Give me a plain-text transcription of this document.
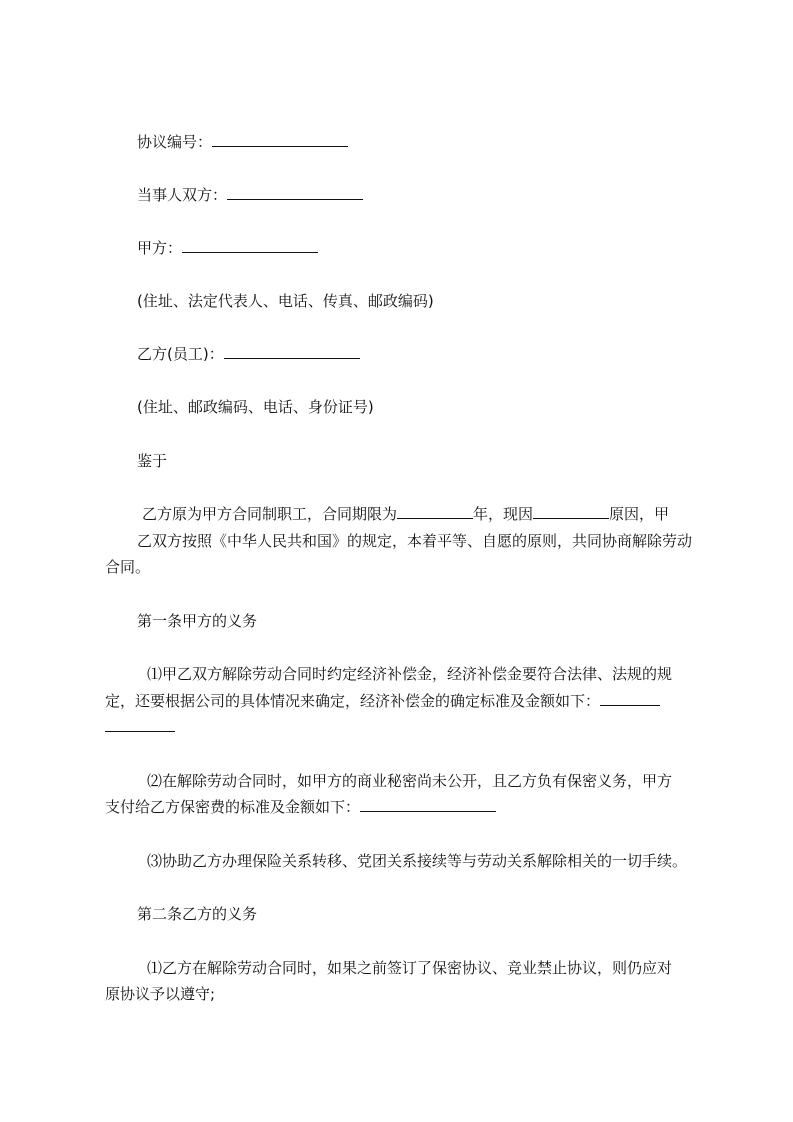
协议编号：
当事人双方：
甲方：
(住址、法定代表人、电话、传真、邮政编码)
乙方(员工)：
(住址、邮政编码、电话、身份证号)
鉴于
乙方原为甲方合同制职工，合同期限为	年，现因	原因，甲
乙双方按照《中华人民共和国》的规定，本着平等、自愿的原则，共同协商解除劳动
合同。
第一条甲方的义务
⑴甲乙双方解除劳动合同时约定经济补偿金，经济补偿金要符合法律、法规的规
定，还要根据公司的具体情况来确定，经济补偿金的确定标准及金额如下：
⑵在解除劳动合同时，如甲方的商业秘密尚未公开，且乙方负有保密义务，甲方
支付给乙方保密费的标准及金额如下：
⑶协助乙方办理保险关系转移、党团关系接续等与劳动关系解除相关的一切手续。
第二条乙方的义务
⑴乙方在解除劳动合同时，如果之前签订了保密协议、竞业禁止协议，则仍应对
原协议予以遵守;
